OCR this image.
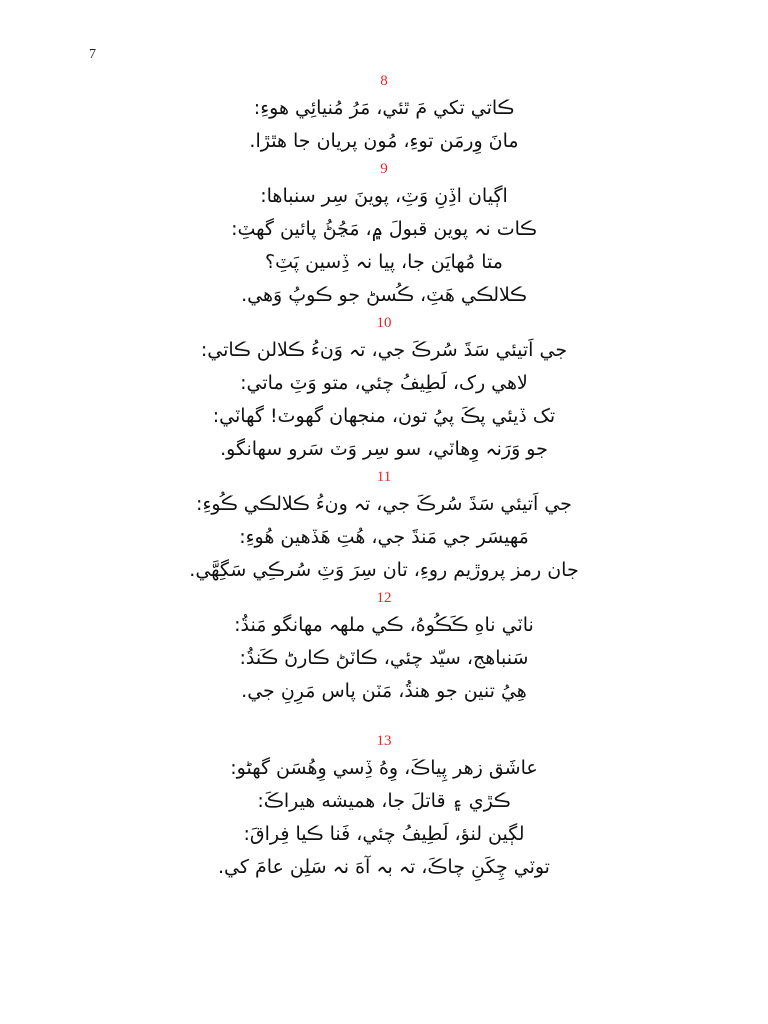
7
8
ڪاتي تکي مَ ٿئي، مَرُ مُنيائِي هوءِ:
مانَ وِرمَن توءِ، مُون پريان جا هٿڙا.
9
اڳيان اڏِنِ وَٽِ، پوينَ سِر سنباها:
ڪات نہ پوين قبولَ ۾، مَڃُڻُ پائين گهٽِ:
متا مُهايَن جا، پيا نہ ڏِسين پَٽِ؟
ڪلالڪي هَٽِ، ڪُسڻ جو ڪوپُ وَهي.
10
جي اَتيئي سَڌَ سُرڪَ جي، تہ وَنءُ ڪلالن ڪاتي:
لاهي رک، لَطِيفُ چئي، متو وَٽِ ماتي:
تک ڏيئي پڪَ پيُ تون، منجهان گهوٽ! گهاٽي:
جو وَرَنہ وِهاٽي، سو سِر وَٽ سَرو سهانگو.
11
جي اَتيئي سَڌَ سُرڪَ جي، تہ ونءُ ڪلالڪي ڪُوءِ:
مَهيسَر جي مَنڌَ جي، هُتِ هَڏهين هُوءِ:
جان رمز پروڙيم روءِ، تان سِرَ وَٽِ سُرڪِي سَگِهَّي.
12
ناٽي ناهِ ڪَڪُوهُ، ڪي ملهہ مهانگو مَنڌُ:
سَنباهج، سيّد چئي، ڪاٽڻ ڪارڻ ڪَنڌُ:
هِيُ تنين جو هنڌُ، مَٽن پاس مَرِنِ جي.
13
عاشَق زهر پِياڪَ، وِهُ ڏِسي وِهُسَن گهڻو:
ڪڙي ۽ قاتلَ جا، هميشه هيراڪَ:
لڳين لنؤ، لَطِيفُ چئي، فَنا ڪيا فِراقَ:
توٽي چِکَنِ چاڪَ، تہ بہ آهَ نہ سَلِن عامَ کي.
